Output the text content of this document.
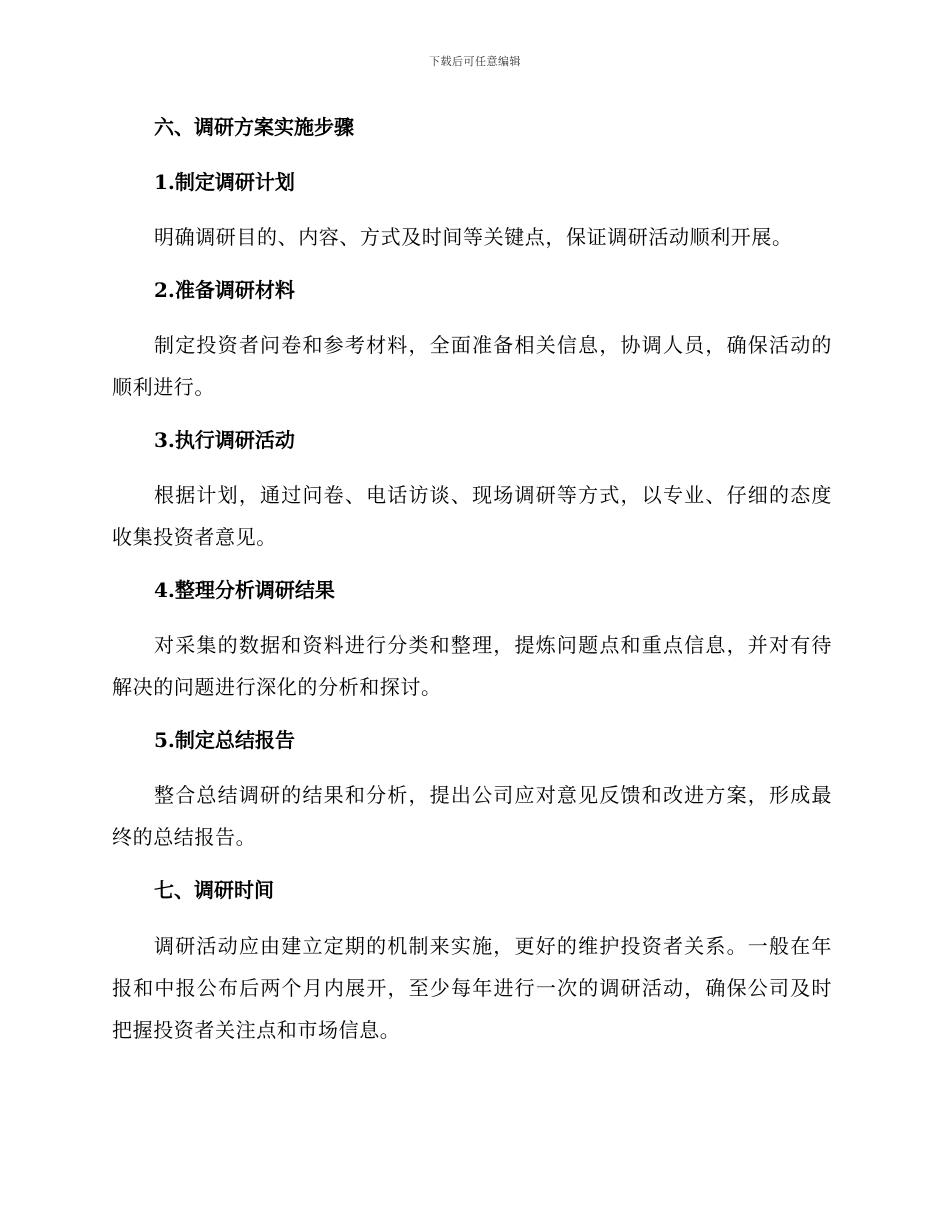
下载后可任意编辑
六、调研方案实施步骤
1.制定调研计划

明确调研目的、内容、方式及时间等关键点，保证调研活动顺利开展。

2.准备调研材料

制定投资者问卷和参考材料，全面准备相关信息，协调人员，确保活动的顺利进行。

3.执行调研活动

根据计划，通过问卷、电话访谈、现场调研等方式，以专业、仔细的态度收集投资者意见。

4.整理分析调研结果

对采集的数据和资料进行分类和整理，提炼问题点和重点信息，并对有待解决的问题进行深化的分析和探讨。

5.制定总结报告

整合总结调研的结果和分析，提出公司应对意见反馈和改进方案，形成最终的总结报告。

七、调研时间

调研活动应由建立定期的机制来实施，更好的维护投资者关系。一般在年报和中报公布后两个月内展开，至少每年进行一次的调研活动，确保公司及时把握投资者关注点和市场信息。
